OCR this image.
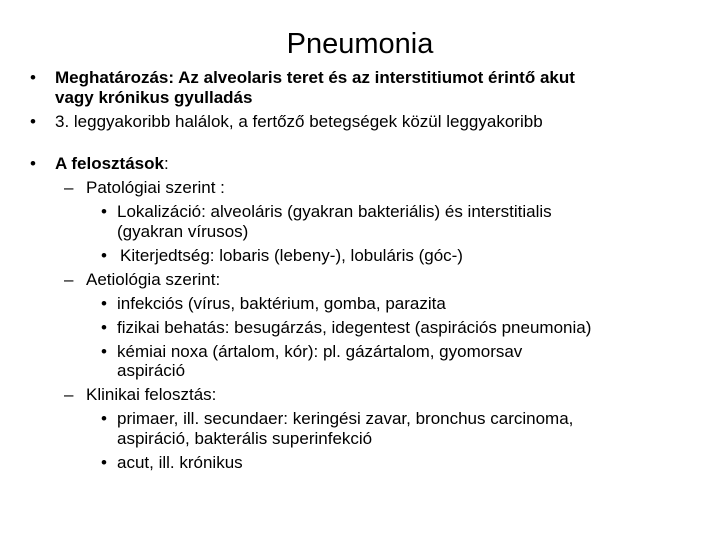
Pneumonia
• Meghatározás: Az alveolaris teret és az interstitiumot érintő akut
vagy krónikus gyulladás
• 3. leggyakoribb halálok, a fertőző betegségek közül leggyakoribb
• A felosztások:
– Patológiai szerint :
• Lokalizáció: alveoláris (gyakran bakteriális) és interstitialis
(gyakran vírusos)
• Kiterjedtség: lobaris (lebeny-), lobuláris (góc-)
– Aetiológia szerint:
• infekciós (vírus, baktérium, gomba, parazita
• fizikai behatás: besugárzás, idegentest (aspirációs pneumonia)
• kémiai noxa (ártalom, kór): pl. gázártalom, gyomorsav
aspiráció
– Klinikai felosztás:
• primaer, ill. secundaer: keringési zavar, bronchus carcinoma,
aspiráció, bakterális superinfekció
• acut, ill. krónikus
